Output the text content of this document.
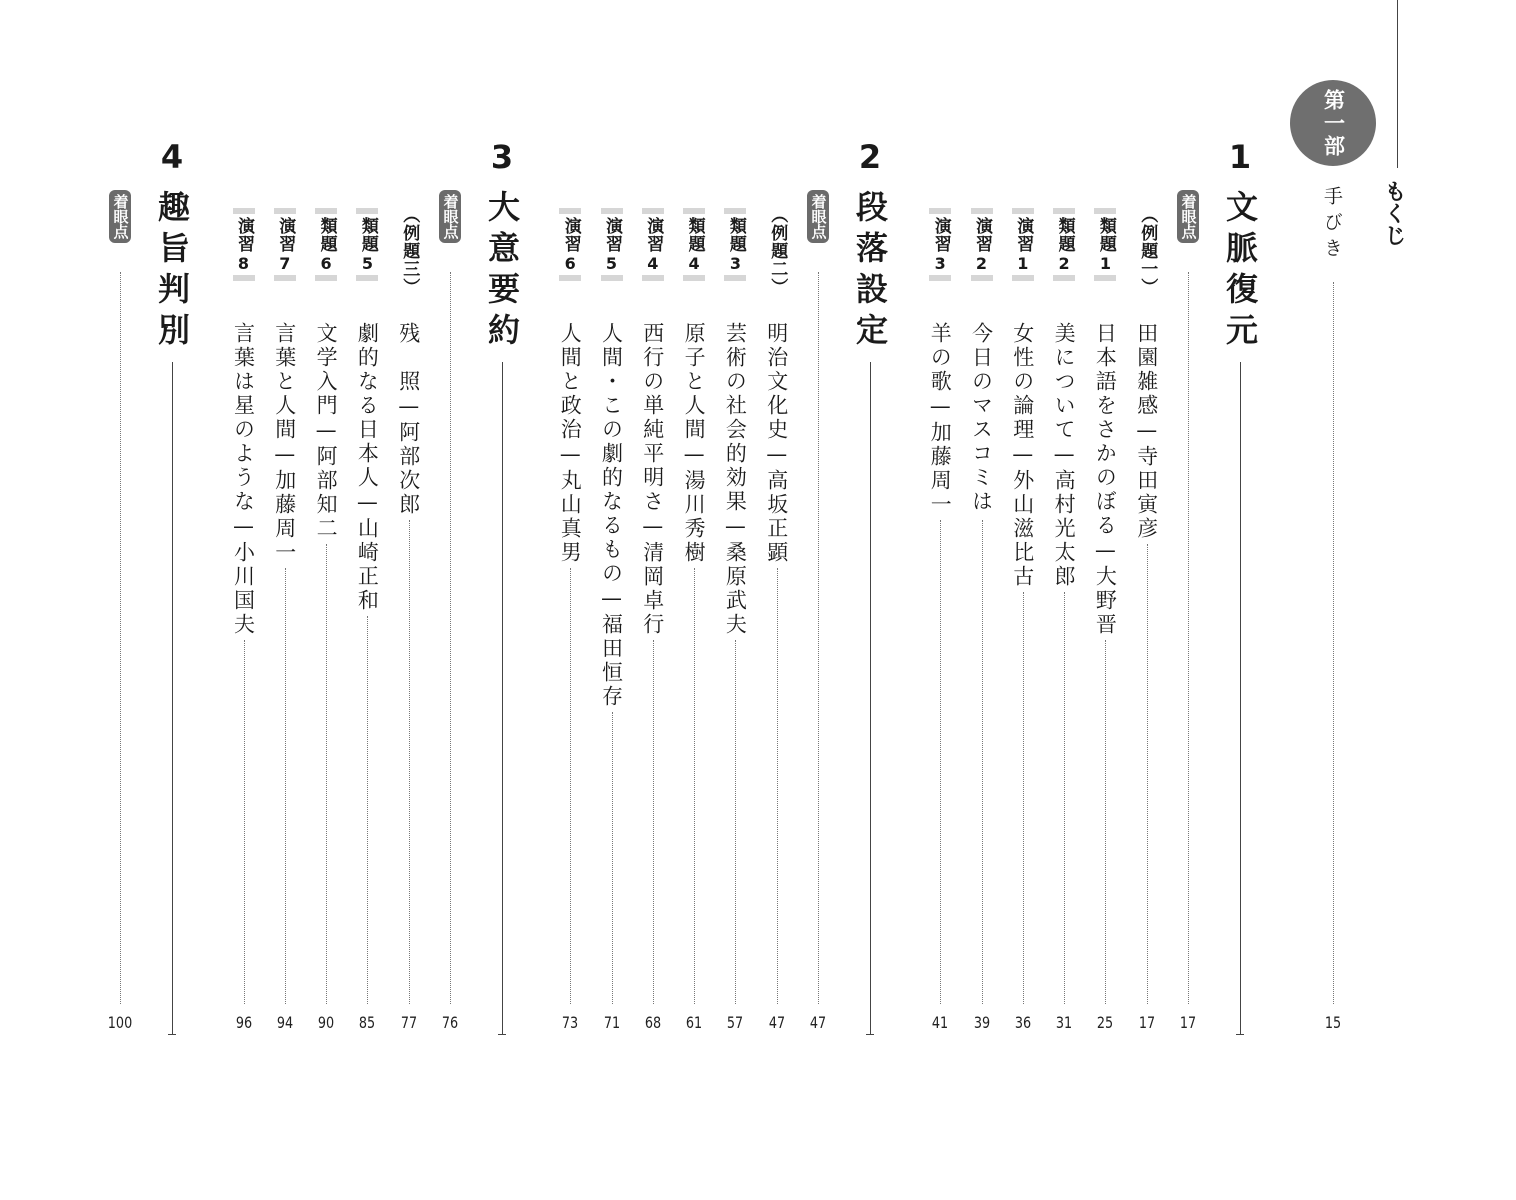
もくじ
第一部
手びき
15
1
文脈復元
着眼点
17
（例題一）
田園雑感—寺田寅彦
17
類題
1
日本語をさかのぼる—大野晋
25
類題
2
美について—高村光太郎
31
演習
1
女性の論理—外山滋比古
36
演習
2
今日のマスコミは
39
演習
3
羊の歌—加藤周一
41
2
段落設定
着眼点
47
（例題二）
明治文化史—高坂正顕
47
類題
3
芸術の社会的効果—桑原武夫
57
類題
4
原子と人間—湯川秀樹
61
演習
4
西行の単純平明さ—清岡卓行
68
演習
5
人間・この劇的なるもの—福田恒存
71
演習
6
人間と政治—丸山真男
73
3
大意要約
着眼点
76
（例題三）
残　照—阿部次郎
77
類題
5
劇的なる日本人—山崎正和
85
類題
6
文学入門—阿部知二
90
演習
7
言葉と人間—加藤周一
94
演習
8
言葉は星のような—小川国夫
96
4
趣旨判別
着眼点
100
